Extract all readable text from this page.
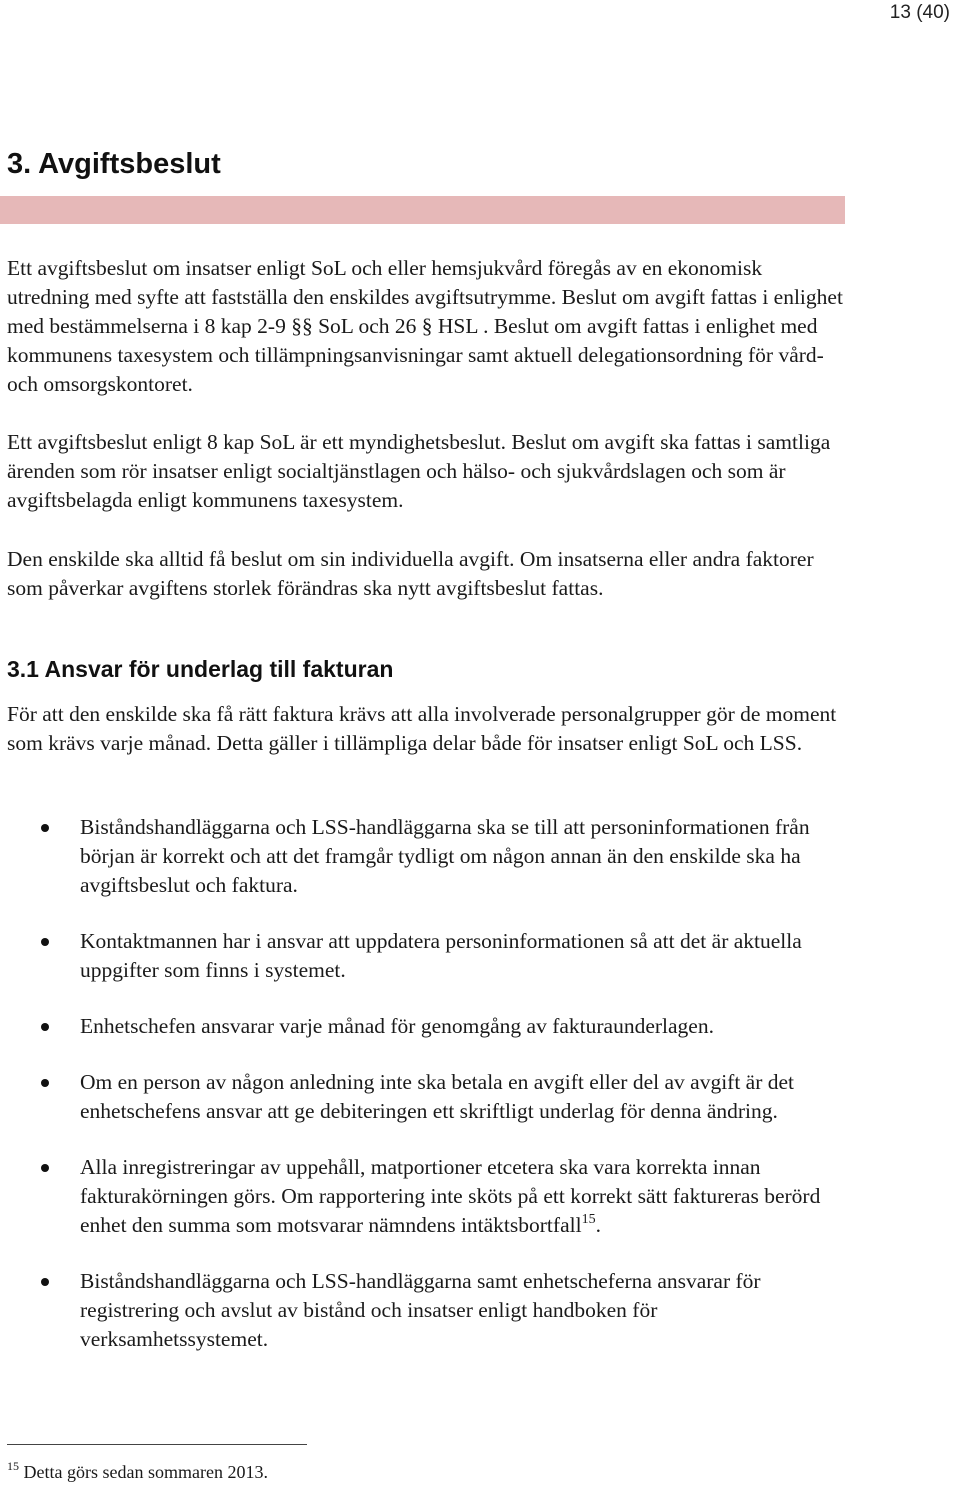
13 (40)
3. Avgiftsbeslut
Ett avgiftsbeslut om insatser enligt SoL och eller hemsjukvård föregås av en ekonomisk utredning med syfte att fastställa den enskildes avgiftsutrymme. Beslut om avgift fattas i enlighet med bestämmelserna i 8 kap 2-9 §§ SoL och 26 § HSL . Beslut om avgift fattas i enlighet med kommunens taxesystem och tillämpningsanvisningar samt aktuell delegationsordning för vård- och omsorgskontoret.
Ett avgiftsbeslut enligt 8 kap SoL är ett myndighetsbeslut. Beslut om avgift ska fattas i samtliga ärenden som rör insatser enligt socialtjänstlagen och hälso- och sjukvårdslagen och som är avgiftsbelagda enligt kommunens taxesystem.
Den enskilde ska alltid få beslut om sin individuella avgift. Om insatserna eller andra faktorer som påverkar avgiftens storlek förändras ska nytt avgiftsbeslut fattas.
3.1 Ansvar för underlag till fakturan
För att den enskilde ska få rätt faktura krävs att alla involverade personalgrupper gör de moment som krävs varje månad. Detta gäller i tillämpliga delar både för insatser enligt SoL och LSS.
Biståndshandläggarna och LSS-handläggarna ska se till att personinformationen från början är korrekt och att det framgår tydligt om någon annan än den enskilde ska ha avgiftsbeslut och faktura.
Kontaktmannen har i ansvar att uppdatera personinformationen så att det är aktuella uppgifter som finns i systemet.
Enhetschefen ansvarar varje månad för genomgång av fakturaunderlagen.
Om en person av någon anledning inte ska betala en avgift eller del av avgift är det enhetschefens ansvar att ge debiteringen ett skriftligt underlag för denna ändring.
Alla inregistreringar av uppehåll, matportioner etcetera ska vara korrekta innan fakturakörningen görs. Om rapportering inte sköts på ett korrekt sätt faktureras berörd enhet den summa som motsvarar nämndens intäktsbortfall$^{15}$.
Biståndshandläggarna och LSS-handläggarna samt enhetscheferna ansvarar för registrering och avslut av bistånd och insatser enligt handboken för verksamhetssystemet.
$^{15}$ Detta görs sedan sommaren 2013.
